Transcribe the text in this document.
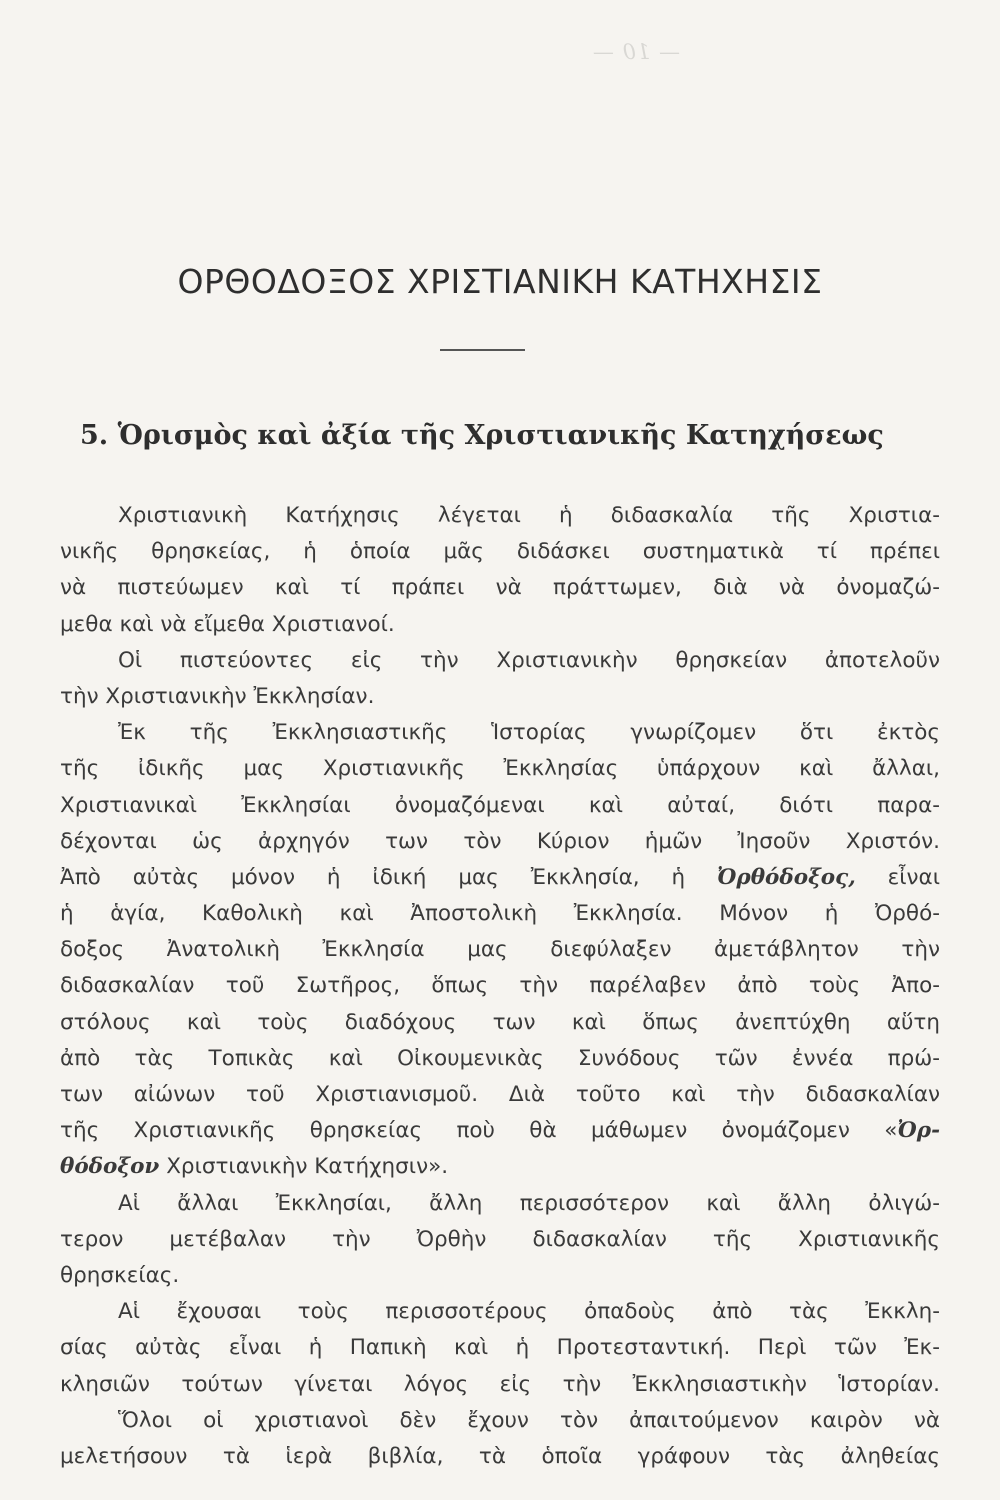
— 10 —
ΟΡΘΟΔΟΞΟΣ ΧΡΙΣΤΙΑΝΙΚΗ ΚΑΤΗΧΗΣΙΣ
5. Ὁρισμὸς καὶ ἀξία τῆς Χριστιανικῆς Κατηχήσεως
Χριστιανικὴ Κατήχησις λέγεται ἡ διδασκαλία τῆς Χριστια-
νικῆς θρησκείας, ἡ ὁποία μᾶς διδάσκει συστηματικὰ τί πρέπει
νὰ πιστεύωμεν καὶ τί πράπει νὰ πράττωμεν, διὰ νὰ ὀνομαζώ-
μεθα καὶ νὰ εἴμεθα Χριστιανοί.
Οἱ πιστεύοντες εἰς τὴν Χριστιανικὴν θρησκείαν ἀποτελοῦν
τὴν Χριστιανικὴν Ἐκκλησίαν.
Ἐκ τῆς Ἐκκλησιαστικῆς Ἱστορίας γνωρίζομεν ὅτι ἐκτὸς
τῆς ἰδικῆς μας Χριστιανικῆς Ἐκκλησίας ὑπάρχουν καὶ ἄλλαι,
Χριστιανικαὶ Ἐκκλησίαι ὀνομαζόμεναι καὶ αὐταί, διότι παρα-
δέχονται ὡς ἀρχηγόν των τὸν Κύριον ἡμῶν Ἰησοῦν Χριστόν.
Ἀπὸ αὐτὰς μόνον ἡ ἰδική μας Ἐκκλησία, ἡ Ὀρθόδοξος, εἶναι
ἡ ἁγία, Καθολικὴ καὶ Ἀποστολικὴ Ἐκκλησία. Μόνον ἡ Ὀρθό-
δοξος Ἀνατολικὴ Ἐκκλησία μας διεφύλαξεν ἀμετάβλητον τὴν
διδασκαλίαν τοῦ Σωτῆρος, ὅπως τὴν παρέλαβεν ἀπὸ τοὺς Ἀπο-
στόλους καὶ τοὺς διαδόχους των καὶ ὅπως ἀνεπτύχθη αὕτη
ἀπὸ τὰς Τοπικὰς καὶ Οἰκουμενικὰς Συνόδους τῶν ἐννέα πρώ-
των αἰώνων τοῦ Χριστιανισμοῦ. Διὰ τοῦτο καὶ τὴν διδασκαλίαν
τῆς Χριστιανικῆς θρησκείας ποὺ θὰ μάθωμεν ὀνομάζομεν «Ὀρ-
θόδοξον Χριστιανικὴν Κατήχησιν».
Αἱ ἄλλαι Ἐκκλησίαι, ἄλλη περισσότερον καὶ ἄλλη ὀλιγώ-
τερον μετέβαλαν τὴν Ὀρθὴν διδασκαλίαν τῆς Χριστιανικῆς
θρησκείας.
Αἱ ἔχουσαι τοὺς περισσοτέρους ὀπαδοὺς ἀπὸ τὰς Ἐκκλη-
σίας αὐτὰς εἶναι ἡ Παπικὴ καὶ ἡ Προτεσταντική. Περὶ τῶν Ἐκ-
κλησιῶν τούτων γίνεται λόγος εἰς τὴν Ἐκκλησιαστικὴν Ἱστορίαν.
Ὅλοι οἱ χριστιανοὶ δὲν ἔχουν τὸν ἀπαιτούμενον καιρὸν νὰ
μελετήσουν τὰ ἱερὰ βιβλία, τὰ ὁποῖα γράφουν τὰς ἀληθείας
